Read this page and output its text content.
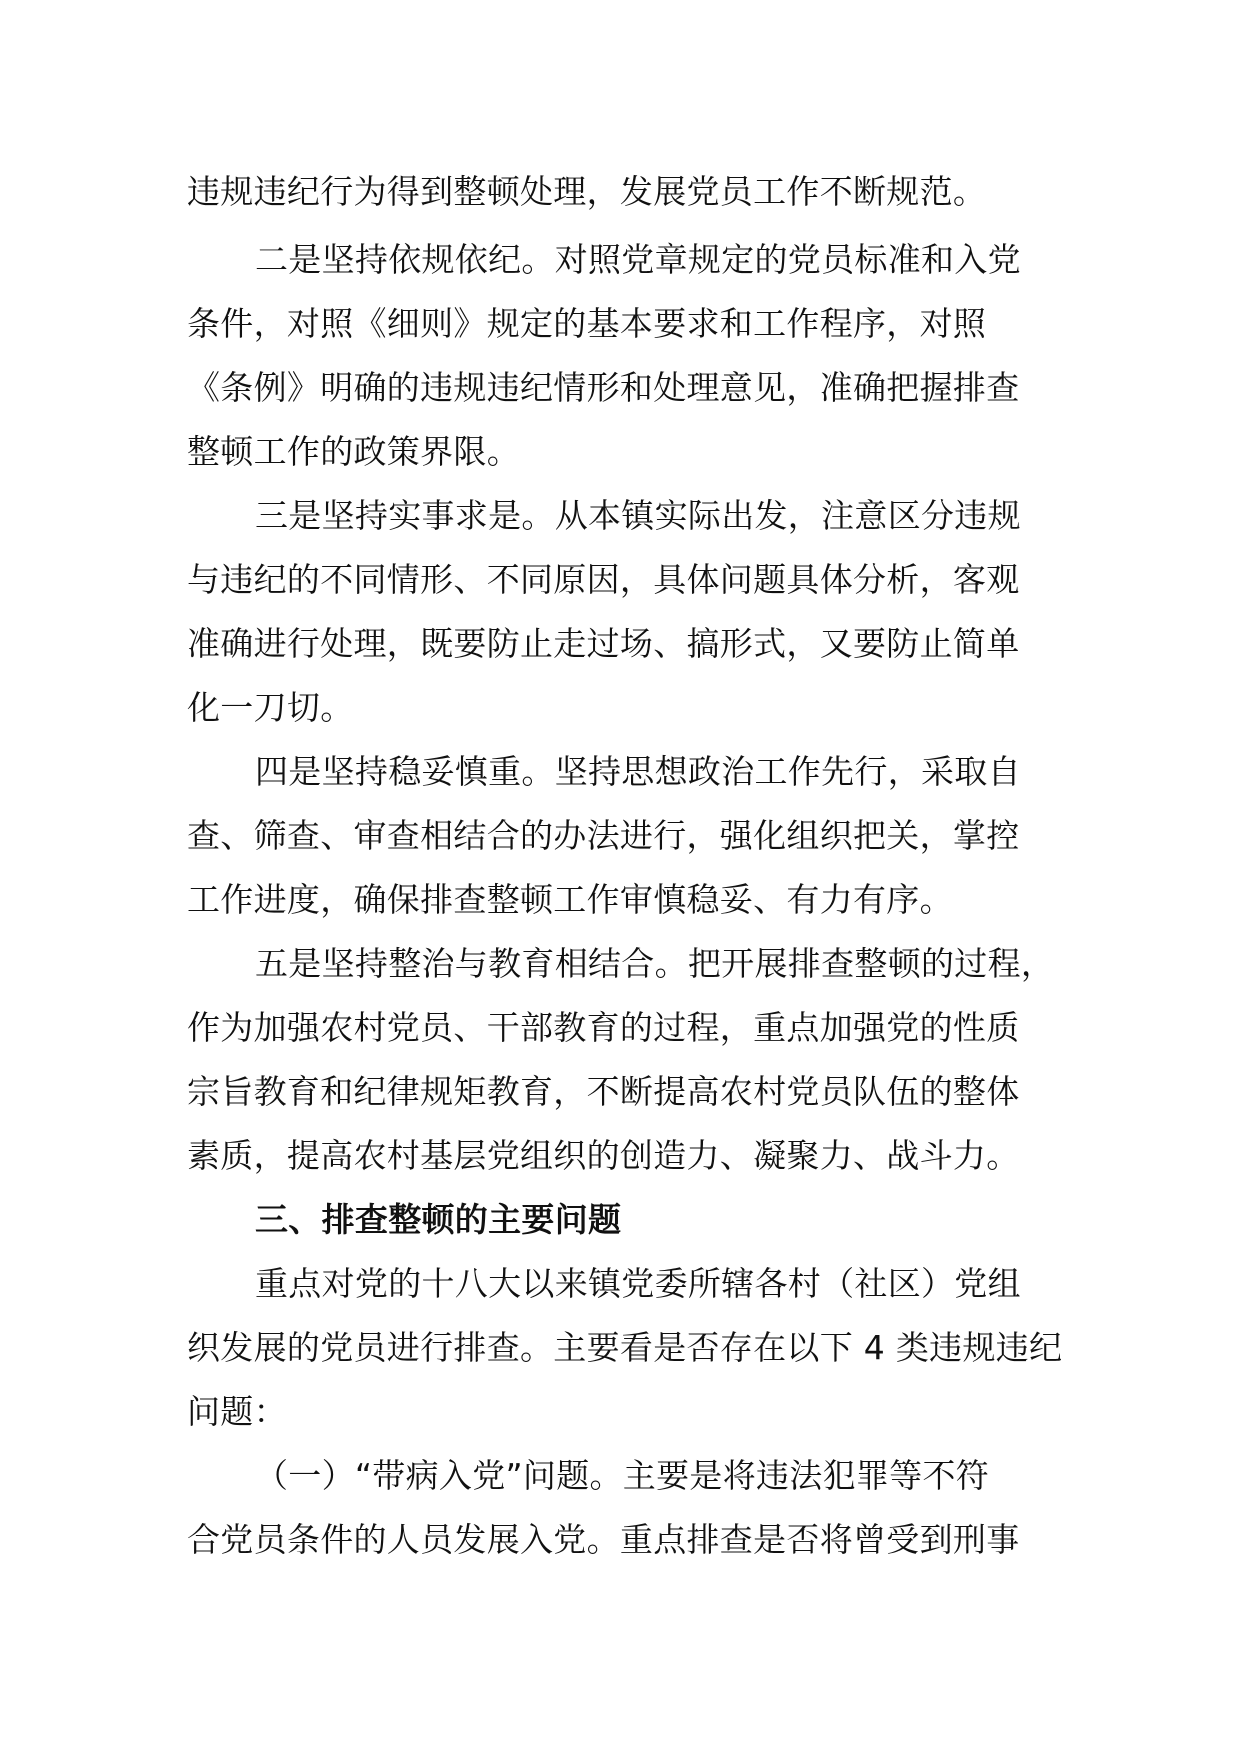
违规违纪行为得到整顿处理，发展党员工作不断规范。
二是坚持依规依纪。对照党章规定的党员标准和入党
条件，对照《细则》规定的基本要求和工作程序，对照
《条例》明确的违规违纪情形和处理意见，准确把握排查
整顿工作的政策界限。
三是坚持实事求是。从本镇实际出发，注意区分违规
与违纪的不同情形、不同原因，具体问题具体分析，客观
准确进行处理，既要防止走过场、搞形式，又要防止简单
化一刀切。
四是坚持稳妥慎重。坚持思想政治工作先行，采取自
查、筛查、审查相结合的办法进行，强化组织把关，掌控
工作进度，确保排查整顿工作审慎稳妥、有力有序。
五是坚持整治与教育相结合。把开展排查整顿的过程，
作为加强农村党员、干部教育的过程，重点加强党的性质
宗旨教育和纪律规矩教育，不断提高农村党员队伍的整体
素质，提高农村基层党组织的创造力、凝聚力、战斗力。
三、排查整顿的主要问题
重点对党的十八大以来镇党委所辖各村（社区）党组
织发展的党员进行排查。主要看是否存在以下 4 类违规违纪
问题：
（一）“带病入党”问题。主要是将违法犯罪等不符
合党员条件的人员发展入党。重点排查是否将曾受到刑事
